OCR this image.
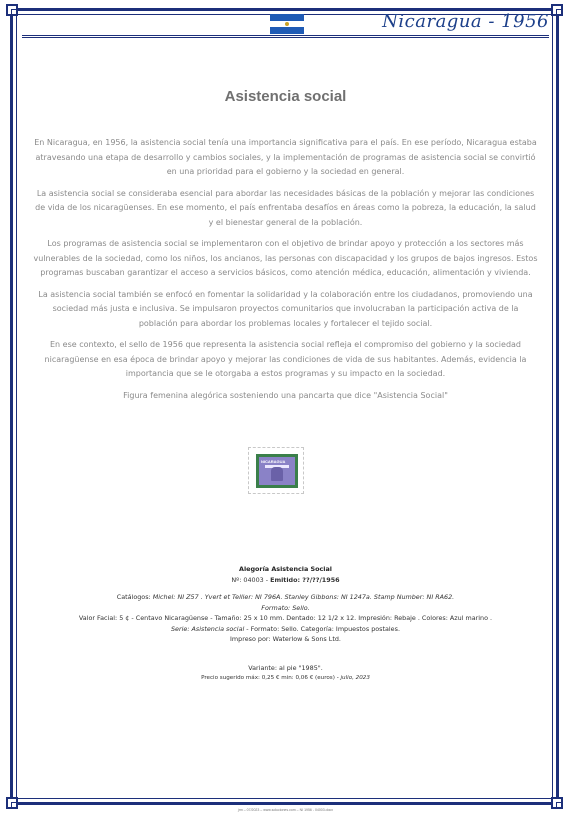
Nicaragua - 1956
Asistencia social

En Nicaragua, en 1956, la asistencia social tenía una importancia significativa para el país. En ese período, Nicaragua estaba atravesando una etapa de desarrollo y cambios sociales, y la implementación de programas de asistencia social se convirtió en una prioridad para el gobierno y la sociedad en general.

La asistencia social se consideraba esencial para abordar las necesidades básicas de la población y mejorar las condiciones de vida de los nicaragüenses. En ese momento, el país enfrentaba desafíos en áreas como la pobreza, la educación, la salud y el bienestar general de la población.

Los programas de asistencia social se implementaron con el objetivo de brindar apoyo y protección a los sectores más vulnerables de la sociedad, como los niños, los ancianos, las personas con discapacidad y los grupos de bajos ingresos. Estos programas buscaban garantizar el acceso a servicios básicos, como atención médica, educación, alimentación y vivienda.

La asistencia social también se enfocó en fomentar la solidaridad y la colaboración entre los ciudadanos, promoviendo una sociedad más justa e inclusiva. Se impulsaron proyectos comunitarios que involucraban la participación activa de la población para abordar los problemas locales y fortalecer el tejido social.

En ese contexto, el sello de 1956 que representa la asistencia social refleja el compromiso del gobierno y la sociedad nicaragüense en esa época de brindar apoyo y mejorar las condiciones de vida de sus habitantes. Además, evidencia la importancia que se le otorgaba a estos programas y su impacto en la sociedad.

Figura femenina alegórica sosteniendo una pancarta que dice "Asistencia Social"

NICARAGUA
Alegoría Asistencia Social
Nº: 04003 - Emitido: ??/??/1956
Catálogos: Michel: NI Z57 . Yvert et Tellier: NI 796A. Stanley Gibbons: NI 1247a. Stamp Number: NI RA62.
Formato: Sello.
Valor Facial: 5 ¢ - Centavo Nicaragüense - Tamaño: 25 x 10 mm. Dentado: 12 1/2 x 12. Impresión: Rebaje . Colores: Azul marino .
Serie: Asistencia social - Formato: Sello. Categoría: Impuestos postales.
Impreso por: Waterlow & Sons Ltd.
Variante: al pie "1985".
Precio sugerido máx: 0,25 € min: 0,06 € (euros) - julio, 2023
jrm – 07/2023 – www.soluciones.com – NI 1956 - 04003.docx
